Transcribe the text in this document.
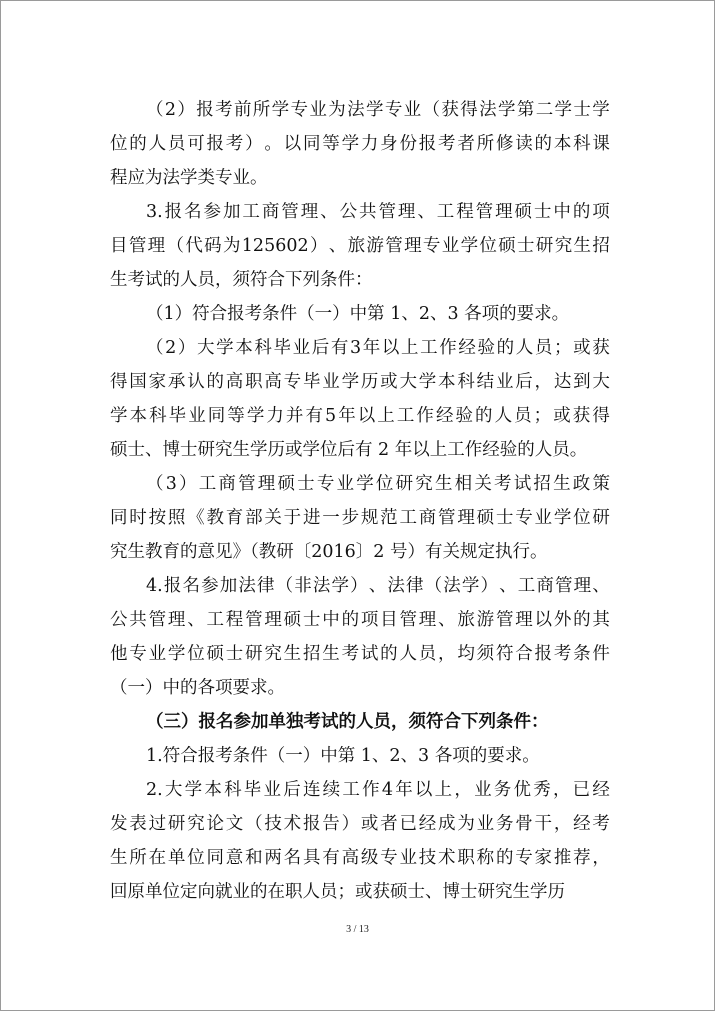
（ 2 ） 报 考 前 所 学 专 业 为 法 学 专 业 （ 获 得 法 学 第 二 学 士 学
位 的 人 员 可 报 考 ） 。 以 同 等 学 力 身 份 报 考 者 所 修 读 的 本 科 课
程应为法学类专业。
3. 报 名 参 加 工 商 管 理 、 公 共 管 理 、 工 程 管 理 硕 士 中 的 项
目 管 理 （ 代 码 为 125602 ） 、 旅 游 管 理 专 业 学 位 硕 士 研 究 生 招
生考试的人员，须符合下列条件：
（1）符合报考条件（一）中第 1、2、3 各项的要求。
（ 2 ） 大 学 本 科 毕 业 后 有 3 年 以 上 工 作 经 验 的 人 员 ； 或 获
得 国 家 承 认 的 高 职 高 专 毕 业 学 历 或 大 学 本 科 结 业 后 ， 达 到 大
学 本 科 毕 业 同 等 学 力 并 有 5 年 以 上 工 作 经 验 的 人 员 ； 或 获 得
硕士、博士研究生学历或学位后有 2 年以上工作经验的人员。
（ 3 ） 工 商 管 理 硕 士 专 业 学 位 研 究 生 相 关 考 试 招 生 政 策
同 时 按 照 《 教 育 部 关 于 进 一 步 规 范 工 商 管 理 硕 士 专 业 学 位 研
究生教育的意见》（教研〔2016〕2 号）有关规定执行。
4. 报 名 参 加 法 律 （ 非 法 学 ） 、 法 律 （ 法 学 ） 、 工 商 管 理 、
公 共 管 理 、 工 程 管 理 硕 士 中 的 项 目 管 理 、 旅 游 管 理 以 外 的 其
他 专 业 学 位 硕 士 研 究 生 招 生 考 试 的 人 员 ， 均 须 符 合 报 考 条 件
（一）中的各项要求。
（三）报名参加单独考试的人员，须符合下列条件：
1.符合报考条件（一）中第 1、2、3 各项的要求。
2. 大 学 本 科 毕 业 后 连 续 工 作 4 年 以 上 ， 业 务 优 秀 ， 已 经
发 表 过 研 究 论 文 （ 技 术 报 告 ） 或 者 已 经 成 为 业 务 骨 干 ， 经 考
生 所 在 单 位 同 意 和 两 名 具 有 高 级 专 业 技 术 职 称 的 专 家 推 荐 ，
回原单位定向就业的在职人员；或获硕士、博士研究生学历
3 / 13
